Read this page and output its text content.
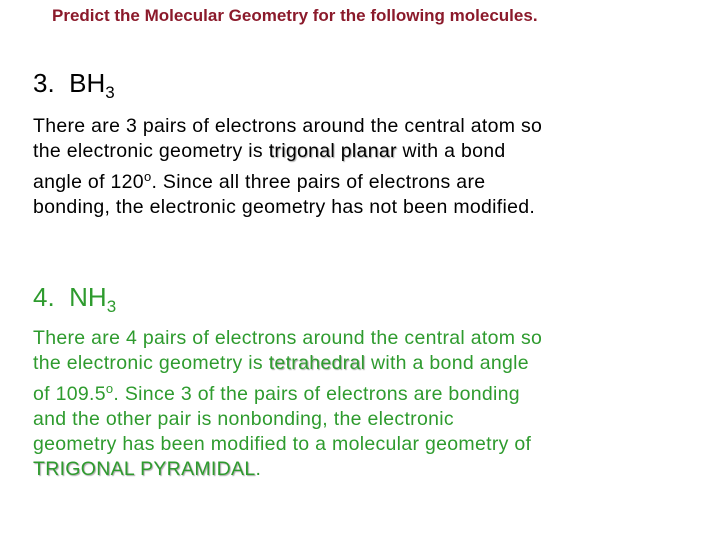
Predict the Molecular Geometry for the following molecules.
3. $BH_3$
There are 3 pairs of electrons around the central atom so
the electronic geometry is trigonal planar with a bond
angle of 120$^o$. Since all three pairs of electrons are
bonding, the electronic geometry has not been modified.
4. $NH_3$
There are 4 pairs of electrons around the central atom so
the electronic geometry is tetrahedral with a bond angle
of 109.5$^o$. Since 3 of the pairs of electrons are bonding
and the other pair is nonbonding, the electronic
geometry has been modified to a molecular geometry of
TRIGONAL PYRAMIDAL.
